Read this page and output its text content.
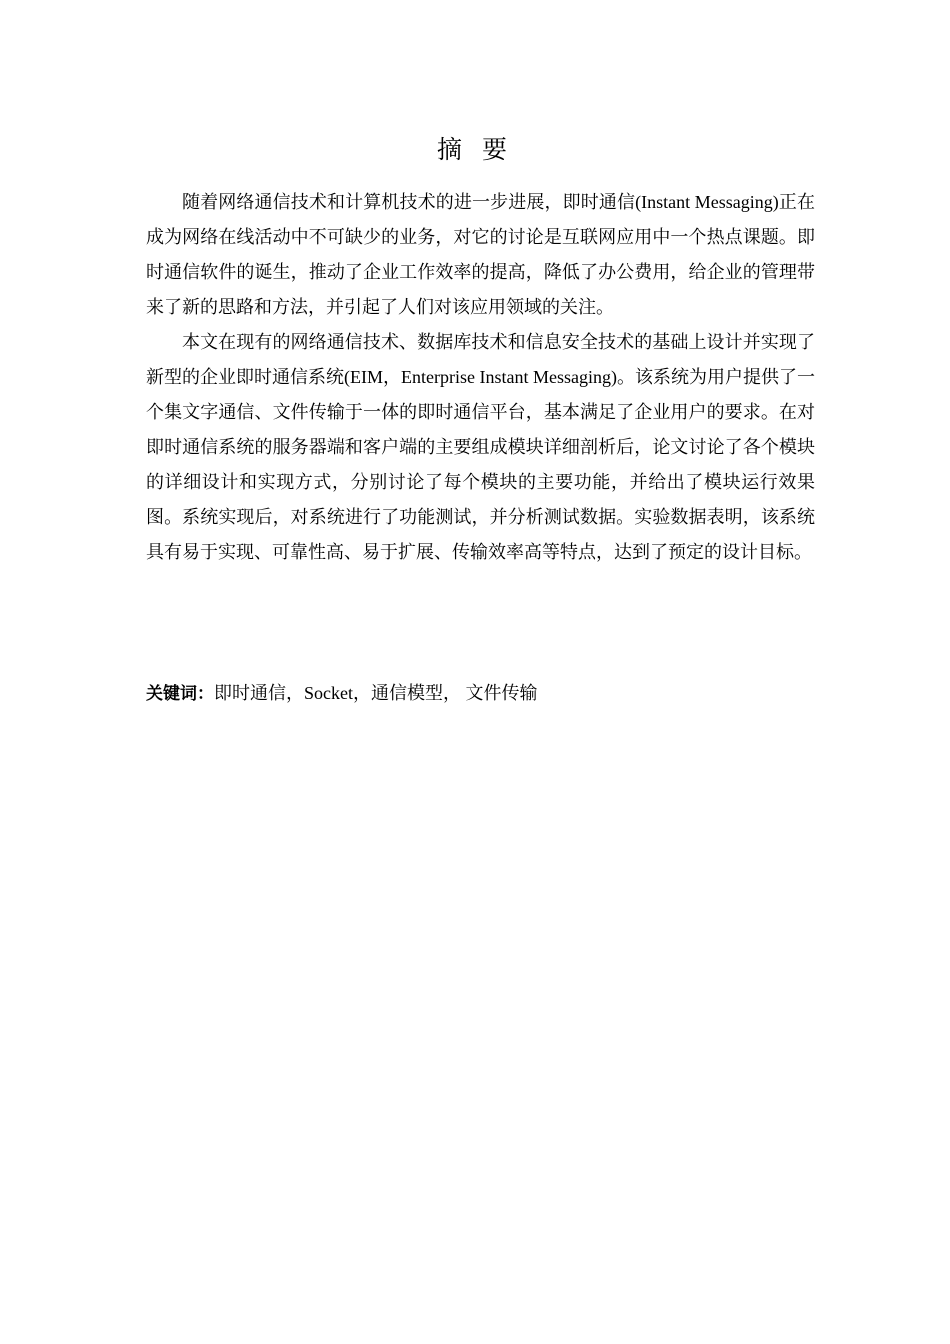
摘 要

随着网络通信技术和计算机技术的进一步进展，即时通信(Instant Messaging)正在成为网络在线活动中不可缺少的业务，对它的讨论是互联网应用中一个热点课题。即时通信软件的诞生，推动了企业工作效率的提高，降低了办公费用，给企业的管理带来了新的思路和方法，并引起了人们对该应用领域的关注。

本文在现有的网络通信技术、数据库技术和信息安全技术的基础上设计并实现了新型的企业即时通信系统(EIM，Enterprise Instant Messaging)。该系统为用户提供了一个集文字通信、文件传输于一体的即时通信平台，基本满足了企业用户的要求。在对即时通信系统的服务器端和客户端的主要组成模块详细剖析后，论文讨论了各个模块的详细设计和实现方式，分别讨论了每个模块的主要功能，并给出了模块运行效果图。系统实现后，对系统进行了功能测试，并分析测试数据。实验数据表明，该系统具有易于实现、可靠性高、易于扩展、传输效率高等特点，达到了预定的设计目标。

关键词：即时通信，Socket，通信模型， 文件传输
